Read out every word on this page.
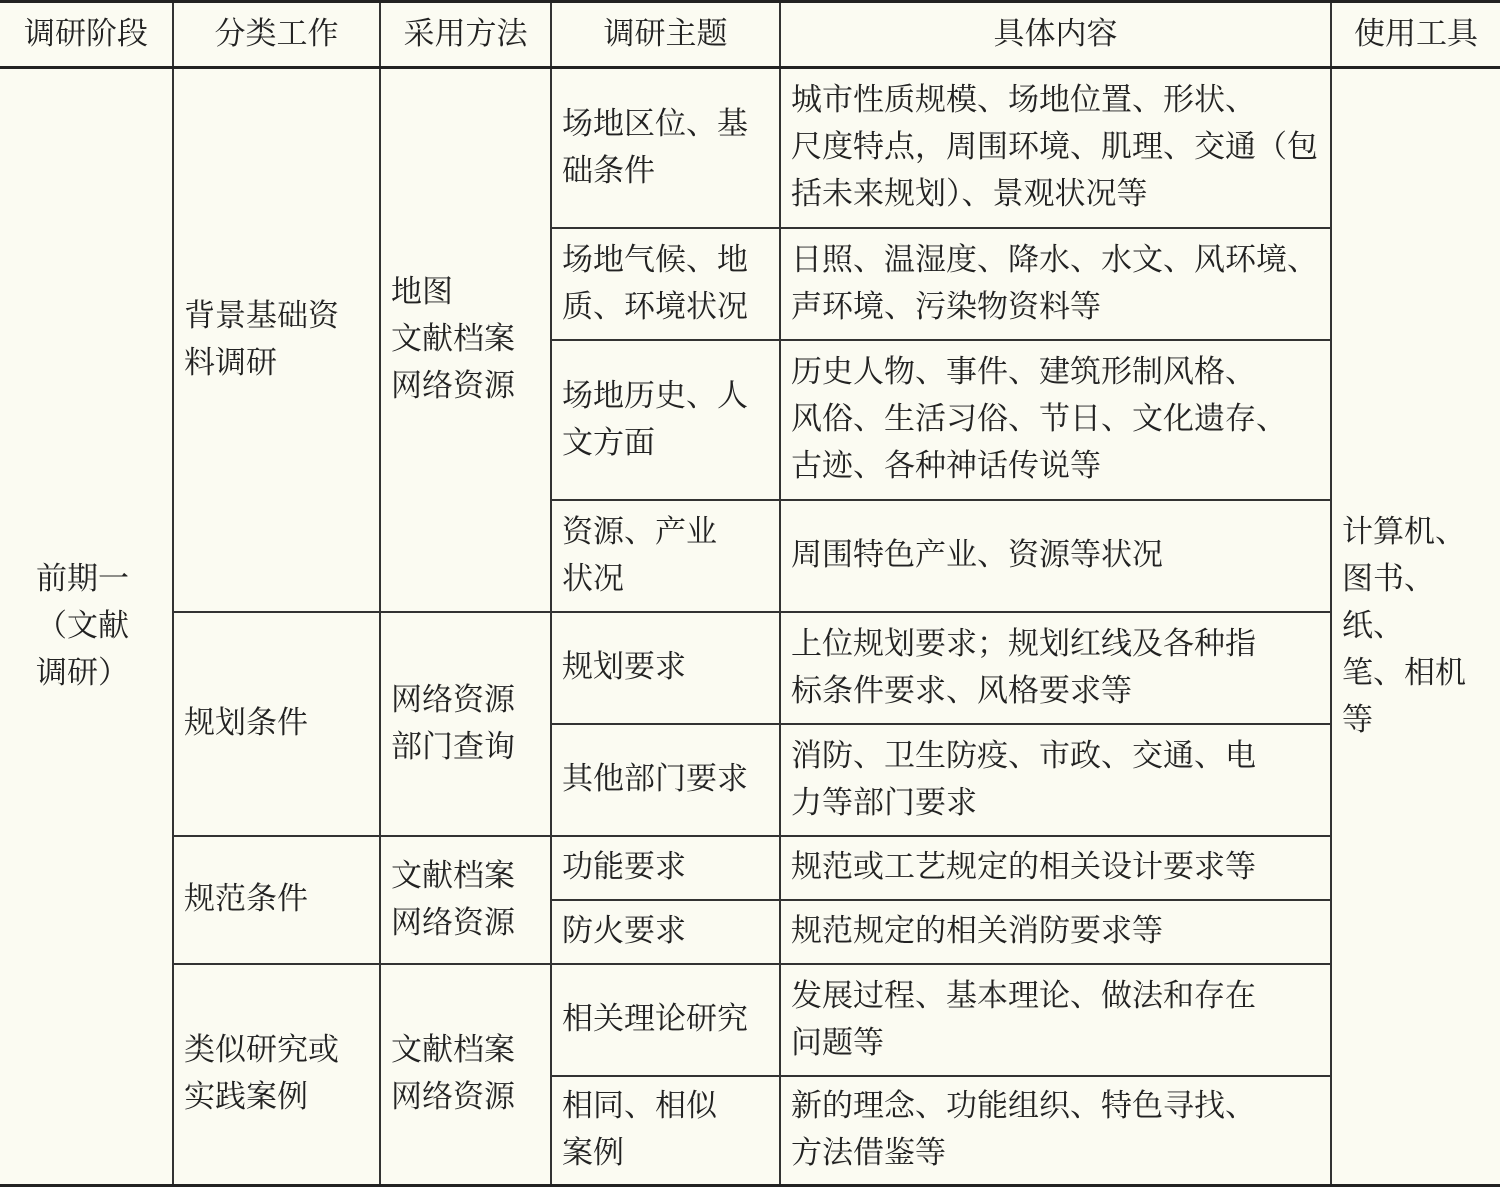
调研阶段	分类工作	采用方法	调研主题	具体内容	使用工具
前期一
（文献
调研）	背景基础资
料调研	地图
文献档案
网络资源	场地区位、基
础条件	城市性质规模、场地位置、形状、
尺度特点，周围环境、肌理、交通（包
括未来规划）、景观状况等	计算机、
图书、纸、
笔、相机
等
			场地气候、地
质、环境状况	日照、温湿度、降水、水文、风环境、
声环境、污染物资料等	
			场地历史、人
文方面	历史人物、事件、建筑形制风格、
风俗、生活习俗、节日、文化遗存、
古迹、各种神话传说等	
			资源、产业
状况	周围特色产业、资源等状况	
	规划条件	网络资源
部门查询	规划要求	上位规划要求；规划红线及各种指
标条件要求、风格要求等	
			其他部门要求	消防、卫生防疫、市政、交通、电
力等部门要求	
	规范条件	文献档案
网络资源	功能要求	规范或工艺规定的相关设计要求等	
			防火要求	规范规定的相关消防要求等	
	类似研究或
实践案例	文献档案
网络资源	相关理论研究	发展过程、基本理论、做法和存在
问题等	
			相同、相似
案例	新的理念、功能组织、特色寻找、
方法借鉴等	
